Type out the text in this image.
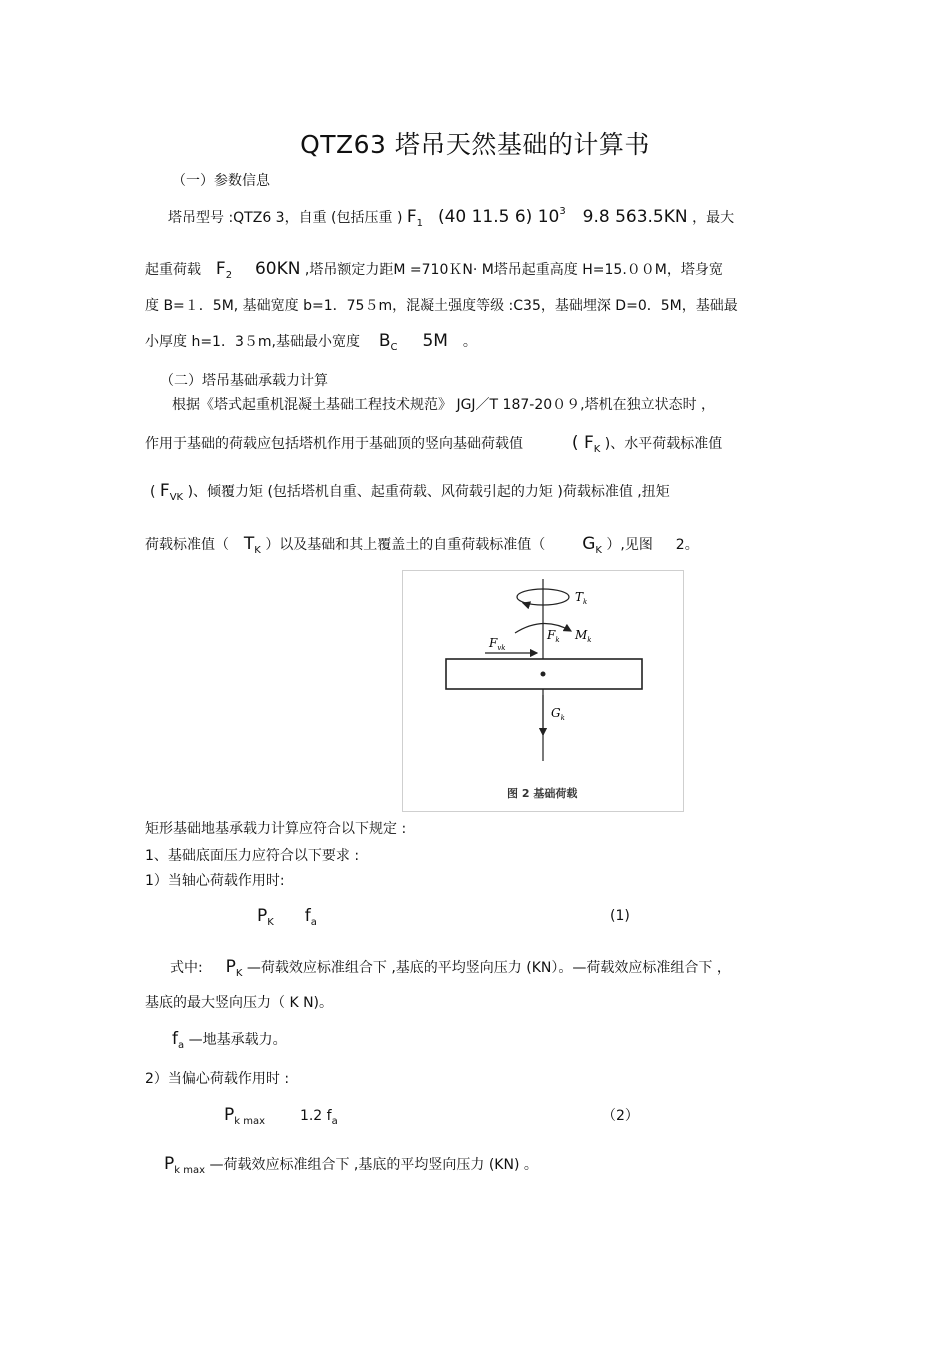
QTZ63 塔吊天然基础的计算书
（一）参数信息
塔吊型号 :QTZ6 3，自重 (包括压重 ) $F_1$ (40 11.5 6) $10^3$ 9.8 563.5KN ，最大
起重荷载 $F_2$ 60KN ,塔吊额定力距M =710ＫN· M塔吊起重高度 H=15.００M，塔身宽
度 B=１．5M, 基础宽度 b=1．75５m，混凝土强度等级 :C35，基础埋深 D=0．5M，基础最
小厚度 h=1．3５m,基础最小宽度 $B_C$ 5M 。
（二）塔吊基础承载力计算
根据《塔式起重机混凝土基础工程技术规范》 JGJ／T 187-20０９,塔机在独立状态时 ，
作用于基础的荷载应包括塔机作用于基础顶的竖向基础荷载值	( $F_K$ )、水平荷载标准值
( $F_{VK}$ )、倾覆力矩 (包括塔机自重、起重荷载、风荷载引起的力矩 )荷载标准值 ,扭矩
荷载标准值（ $T_K$ ）以及基础和其上覆盖土的自重荷载标准值（ $G_K$ ）,见图 2。
$T_k$
$F_k$ $M_k$
$F_{vk}$
$G_k$
图 2 基础荷载
矩形基础地基承载力计算应符合以下规定 :
1、基础底面压力应符合以下要求 :
1）当轴心荷载作用时:
$P_K$ $f_a$	(1)
式中: $P_K$ —荷载效应标准组合下 ,基底的平均竖向压力 (KN）。—荷载效应标准组合下 ，
基底的最大竖向压力（ K N)。
$f_a$ —地基承载力。
2）当偏心荷载作用时 :
$P_{k max}$ 1.2 $f_a$	（2）
$P_{k max}$ —荷载效应标准组合下 ,基底的平均竖向压力 (KN) 。
